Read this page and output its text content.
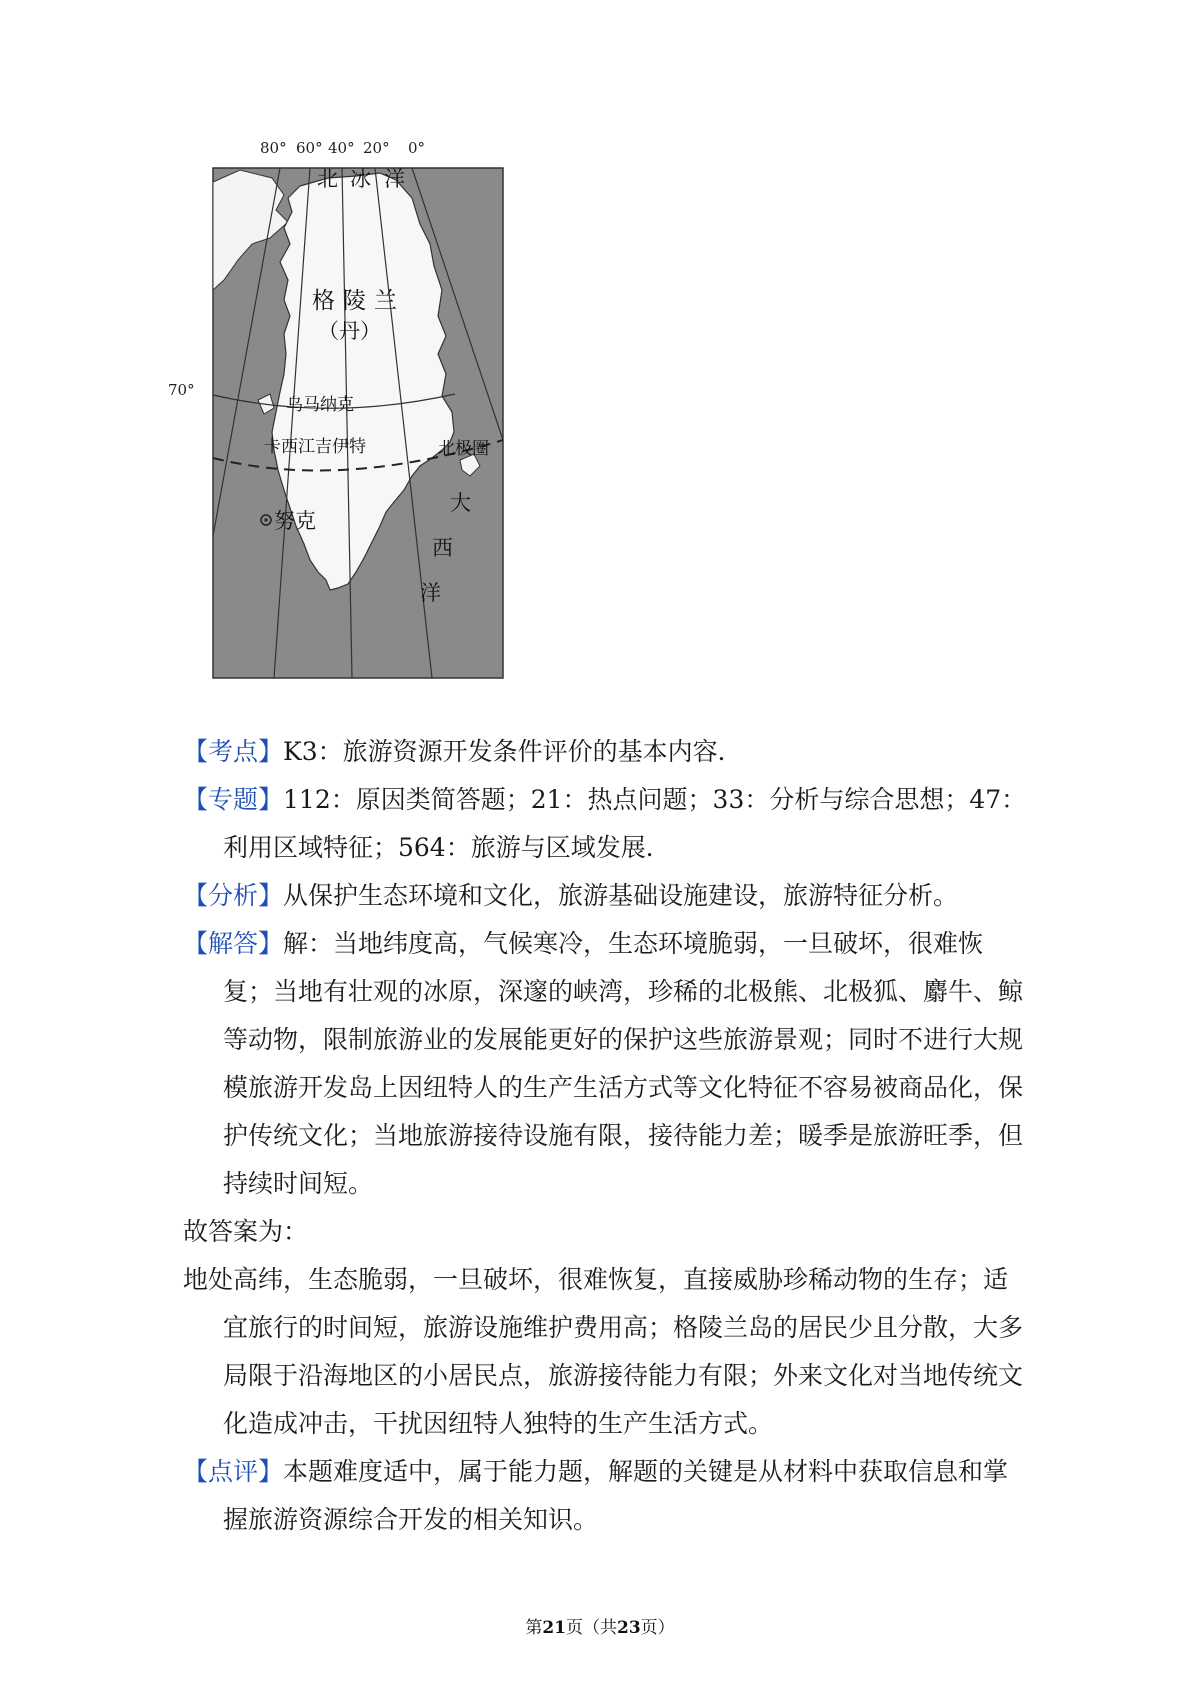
80° 60° 40° 20° 0°
70°
北 冰 洋
格陵兰
（丹）
乌马纳克
卡西江吉伊特	北极圈
努克
大
西
洋

【考点】K3：旅游资源开发条件评价的基本内容．

【专题】112：原因类简答题；21：热点问题；33：分析与综合思想；47：利用区域特征；564：旅游与区域发展．

【分析】从保护生态环境和文化，旅游基础设施建设，旅游特征分析。

【解答】解：当地纬度高，气候寒冷，生态环境脆弱，一旦破坏，很难恢复；当地有壮观的冰原，深邃的峡湾，珍稀的北极熊、北极狐、麝牛、鲸等动物，限制旅游业的发展能更好的保护这些旅游景观；同时不进行大规模旅游开发岛上因纽特人的生产生活方式等文化特征不容易被商品化，保护传统文化；当地旅游接待设施有限，接待能力差；暖季是旅游旺季，但持续时间短。

故答案为：

地处高纬，生态脆弱，一旦破坏，很难恢复，直接威胁珍稀动物的生存；适宜旅行的时间短，旅游设施维护费用高；格陵兰岛的居民少且分散，大多局限于沿海地区的小居民点，旅游接待能力有限；外来文化对当地传统文化造成冲击，干扰因纽特人独特的生产生活方式。

【点评】本题难度适中，属于能力题，解题的关键是从材料中获取信息和掌握旅游资源综合开发的相关知识。

第21页（共23页）
